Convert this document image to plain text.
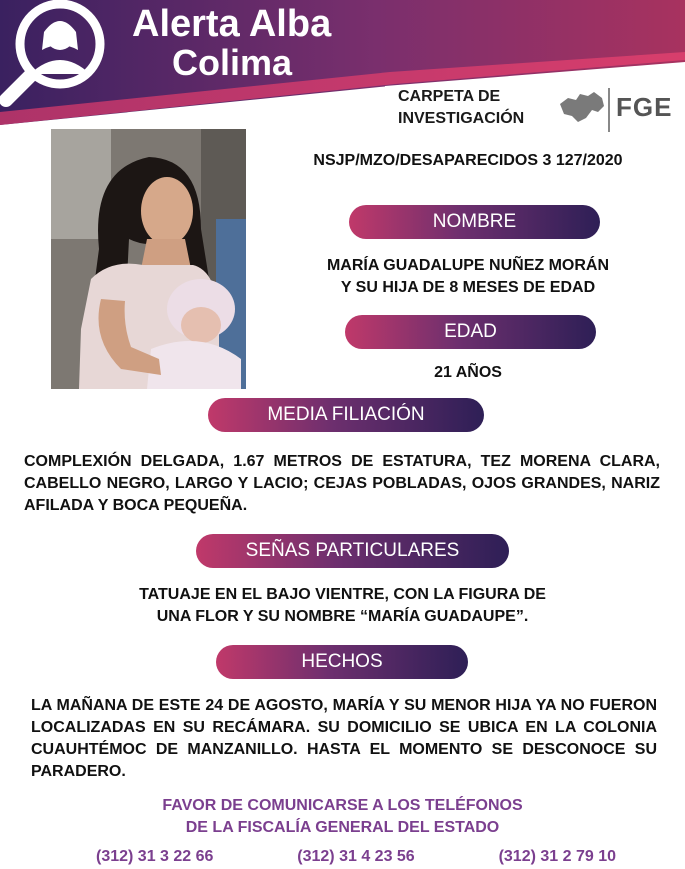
Alerta Alba
Colima
CARPETA DE
INVESTIGACIÓN	FGE
NSJP/MZO/DESAPARECIDOS 3 127/2020
NOMBRE
MARÍA GUADALUPE NUÑEZ MORÁN
Y SU HIJA DE 8 MESES DE EDAD
EDAD
21 AÑOS
MEDIA FILIACIÓN
COMPLEXIÓN DELGADA, 1.67 METROS DE ESTATURA, TEZ MORENA CLARA, CABELLO NEGRO, LARGO Y LACIO; CEJAS POBLADAS, OJOS GRANDES, NARIZ AFILADA Y BOCA PEQUEÑA.
SEÑAS PARTICULARES
TATUAJE EN EL BAJO VIENTRE, CON LA FIGURA DE
UNA FLOR Y SU NOMBRE “MARÍA GUADAUPE”.
HECHOS
LA MAÑANA DE ESTE 24 DE AGOSTO, MARÍA Y SU MENOR HIJA YA NO FUERON LOCALIZADAS EN SU RECÁMARA. SU DOMICILIO SE UBICA EN LA COLONIA CUAUHTÉMOC DE MANZANILLO. HASTA EL MOMENTO SE DESCONOCE SU PARADERO.
FAVOR DE COMUNICARSE A LOS TELÉFONOS
DE LA FISCALÍA GENERAL DEL ESTADO
(312) 31 3 22 66	(312) 31 4 23 56	(312) 31 2 79 10
